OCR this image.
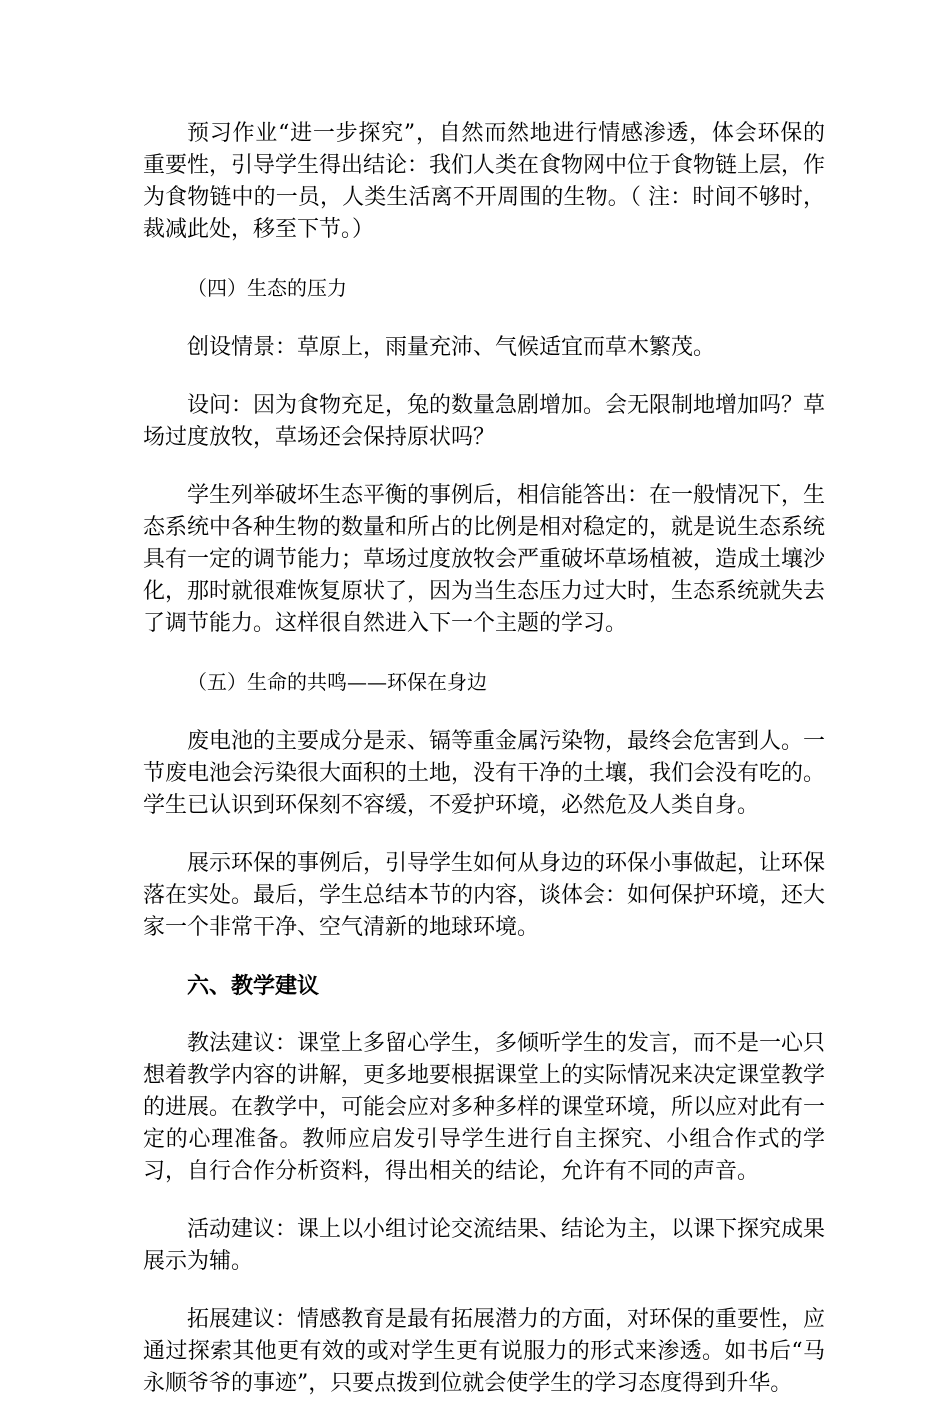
预习作业“进一步探究”，自然而然地进行情感渗透，体会环保的重要性，引导学生得出结论：我们人类在食物网中位于食物链上层，作为食物链中的一员，人类生活离不开周围的生物。（ 注：时间不够时，裁减此处，移至下节。）

（四）生态的压力

创设情景：草原上，雨量充沛、气候适宜而草木繁茂。

设问：因为食物充足，兔的数量急剧增加。会无限制地增加吗？草场过度放牧，草场还会保持原状吗？

学生列举破坏生态平衡的事例后，相信能答出：在一般情况下，生态系统中各种生物的数量和所占的比例是相对稳定的，就是说生态系统具有一定的调节能力；草场过度放牧会严重破坏草场植被，造成土壤沙化，那时就很难恢复原状了，因为当生态压力过大时，生态系统就失去了调节能力。这样很自然进入下一个主题的学习。

（五）生命的共鸣——环保在身边

废电池的主要成分是汞、镉等重金属污染物，最终会危害到人。一节废电池会污染很大面积的土地，没有干净的土壤，我们会没有吃的。学生已认识到环保刻不容缓，不爱护环境，必然危及人类自身。

展示环保的事例后，引导学生如何从身边的环保小事做起，让环保落在实处。最后，学生总结本节的内容，谈体会：如何保护环境，还大家一个非常干净、空气清新的地球环境。

六、教学建议

教法建议：课堂上多留心学生，多倾听学生的发言，而不是一心只想着教学内容的讲解，更多地要根据课堂上的实际情况来决定课堂教学的进展。在教学中，可能会应对多种多样的课堂环境，所以应对此有一定的心理准备。教师应启发引导学生进行自主探究、小组合作式的学习，自行合作分析资料，得出相关的结论，允许有不同的声音。

活动建议：课上以小组讨论交流结果、结论为主，以课下探究成果展示为辅。

拓展建议：情感教育是最有拓展潜力的方面，对环保的重要性，应通过探索其他更有效的或对学生更有说服力的形式来渗透。如书后“马永顺爷爷的事迹”，只要点拨到位就会使学生的学习态度得到升华。
